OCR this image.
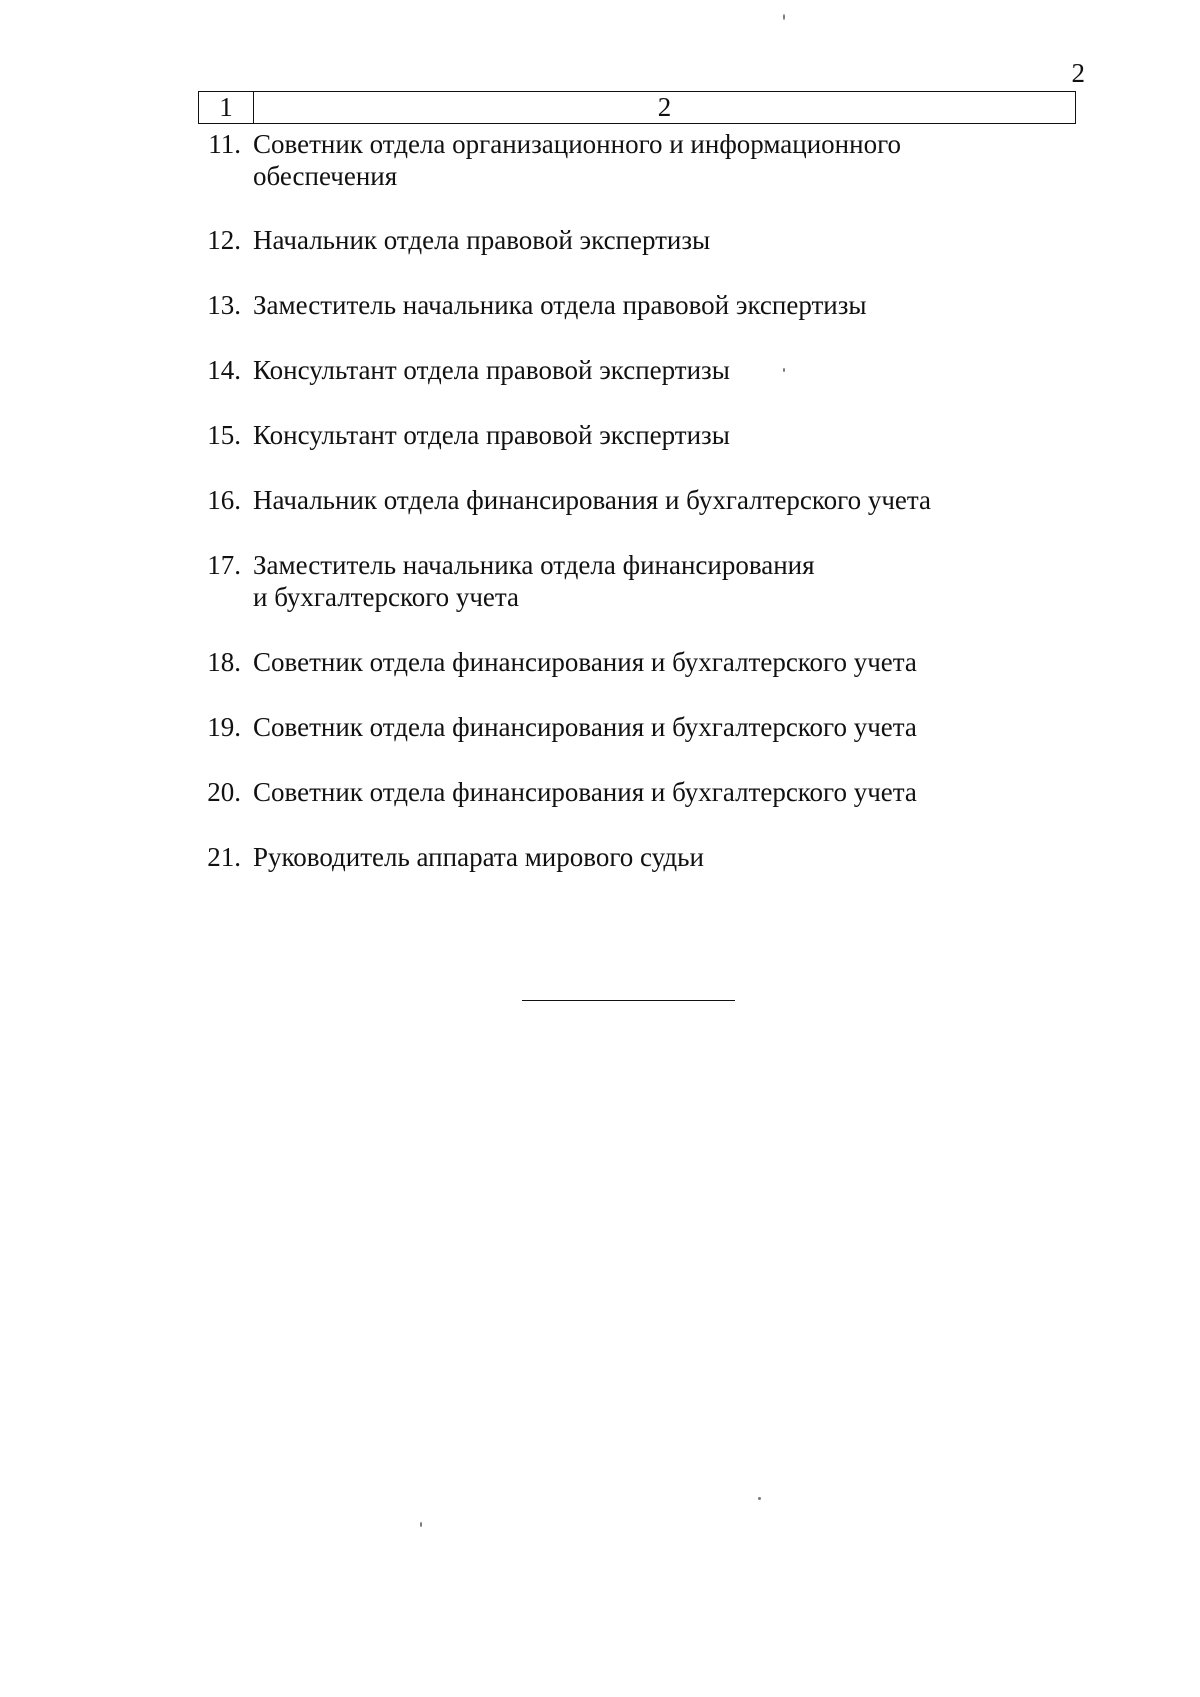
2
1	2
11. Советник отдела организационного и информационного
обеспечения
12. Начальник отдела правовой экспертизы
13. Заместитель начальника отдела правовой экспертизы
14. Консультант отдела правовой экспертизы
15. Консультант отдела правовой экспертизы
16. Начальник отдела финансирования и бухгалтерского учета
17. Заместитель начальника отдела финансирования
и бухгалтерского учета
18. Советник отдела финансирования и бухгалтерского учета
19. Советник отдела финансирования и бухгалтерского учета
20. Советник отдела финансирования и бухгалтерского учета
21. Руководитель аппарата мирового судьи
